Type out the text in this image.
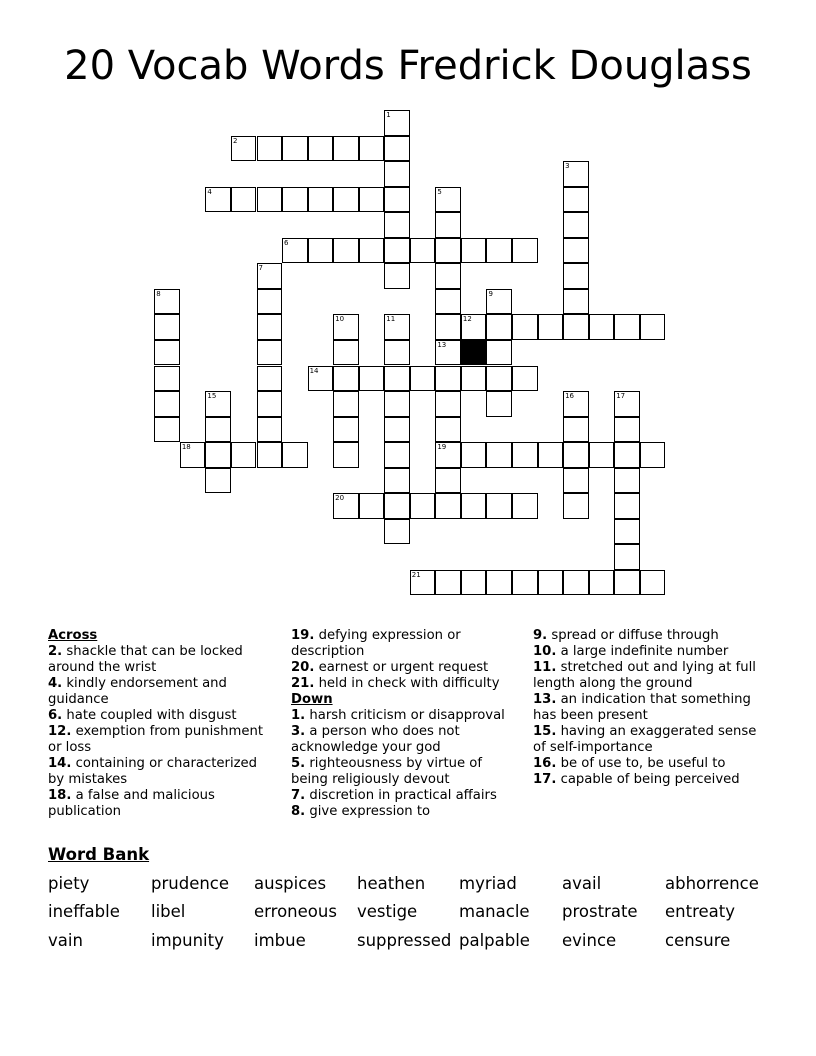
20 Vocab Words Fredrick Douglass
1
2
3
4	5
13
19
6
7
8	9
10	11	12
14
15	16	17
18
20
21
Across
2. shackle that can be locked around the wrist
4. kindly endorsement and guidance
6. hate coupled with disgust
12. exemption from punishment or loss
14. containing or characterized by mistakes
18. a false and malicious publication
19. defying expression or description
20. earnest or urgent request
21. held in check with difficulty
Down
1. harsh criticism or disapproval
3. a person who does not acknowledge your god
5. righteousness by virtue of being religiously devout
7. discretion in practical affairs
8. give expression to
9. spread or diffuse through
10. a large indefinite number
11. stretched out and lying at full length along the ground
13. an indication that something has been present
15. having an exaggerated sense of self-importance
16. be of use to, be useful to
17. capable of being perceived
Word Bank
piety	prudence auspices heathen myriad	avail	abhorrence
ineffable libel	erroneous vestige	manacle prostrate entreaty
vain	impunity imbue	suppressed palpable evince	censure
